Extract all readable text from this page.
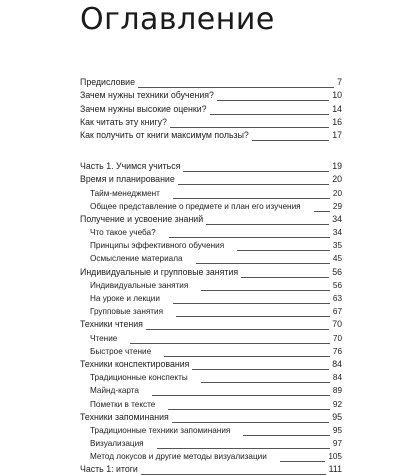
Оглавление
Предисловие	7
Зачем нужны техники обучения?	10
Зачем нужны высокие оценки?	14
Как читать эту книгу?	16
Как получить от книги максимум пользы?	17
Часть 1. Учимся учиться	19
Время и планирование	20
Тайм-менеджмент	20
Общее представление о предмете и план его изучения	29
Получение и усвоение знаний	34
Что такое учеба?	34
Принципы эффективного обучения	35
Осмысление материала	45
Индивидуальные и групповые занятия	56
Индивидуальные занятия	56
На уроке и лекции	63
Групповые занятия	67
Техники чтения	70
Чтение	70
Быстрое чтение	76
Техники конспектирования	84
Традиционные конспекты	84
Майнд-карта	89
Пометки в тексте	92
Техники запоминания	95
Традиционные техники запоминания	95
Визуализация	97
Метод локусов и другие методы визуализации	105
Часть 1: итоги	111
